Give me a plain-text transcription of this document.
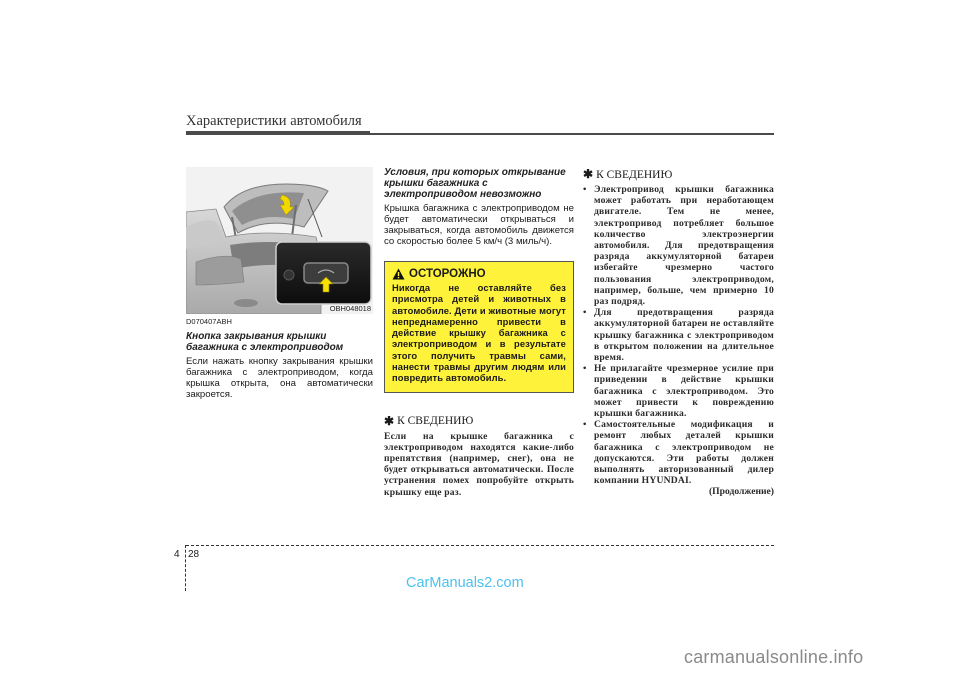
Характеристики автомобиля
OBH048018
D070407ABH
Кнопка закрывания крышки багажника с электроприводом
Если нажать кнопку закрывания крышки багажника с электроприводом, когда крышка открыта, она автоматически закроется.
Условия, при которых открывание крышки багажника с электроприводом невозможно
Крышка багажника с электроприводом не будет автоматически открываться и закрываться, когда автомобиль движется со скоростью более 5 км/ч (3 миль/ч).
ОСТОРОЖНО
Никогда не оставляйте без присмотра детей и животных в автомобиле. Дети и животные могут непреднамеренно привести в действие крышку багажника с электроприводом и в результате этого получить травмы сами, нанести травмы другим людям или повредить автомобиль.
✱ К СВЕДЕНИЮ
Если на крышке багажника с электроприводом находятся какие-либо препятствия (например, снег), она не будет открываться автоматически. После устранения помех попробуйте открыть крышку еще раз.
✱ К СВЕДЕНИЮ
• Электропривод крышки багажника может работать при неработающем двигателе. Тем не менее, электропривод потребляет большое количество электроэнергии автомобиля. Для предотвращения разряда аккумуляторной батареи избегайте чрезмерно частого пользования электроприводом, например, больше, чем примерно 10 раз подряд.
• Для предотвращения разряда аккумуляторной батареи не оставляйте крышку багажника с электроприводом в открытом положении на длительное время.
• Не прилагайте чрезмерное усилие при приведении в действие крышки багажника с электроприводом. Это может привести к повреждению крышки багажника.
• Самостоятельные модификация и ремонт любых деталей крышки багажника с электроприводом не допускаются. Эти работы должен выполнять авторизованный дилер компании HYUNDAI.
(Продолжение)
4 28
CarManuals2.com
carmanualsonline.info
